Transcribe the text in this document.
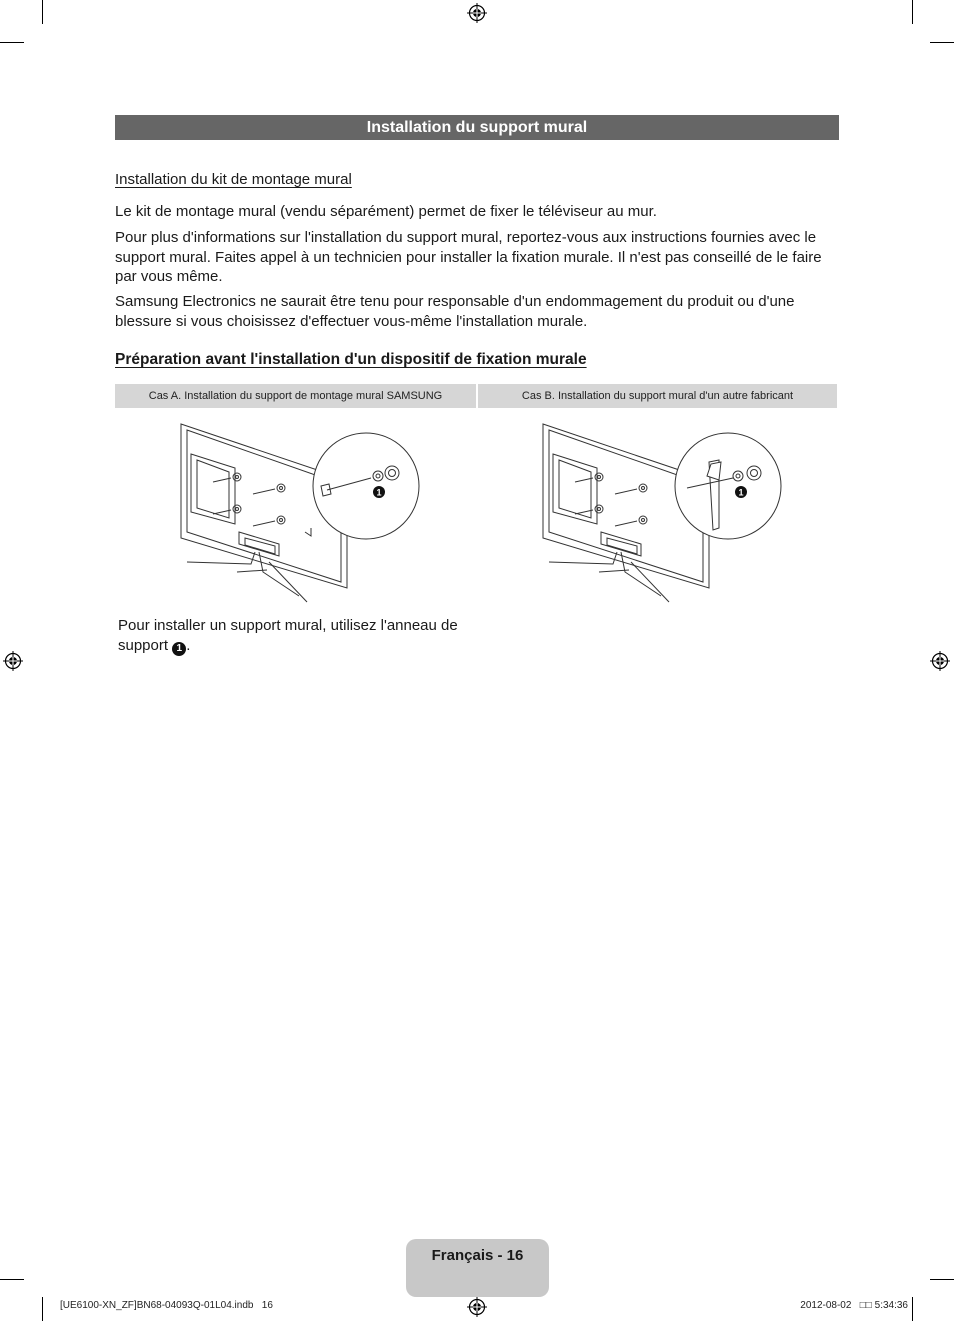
Installation du support mural
Installation du kit de montage mural

Le kit de montage mural (vendu séparément) permet de fixer le téléviseur au mur.

Pour plus d'informations sur l'installation du support mural, reportez-vous aux instructions fournies avec le support mural. Faites appel à un technicien pour installer la fixation murale. Il n'est pas conseillé de le faire par vous même.

Samsung Electronics ne saurait être tenu pour responsable d'un endommagement du produit ou d'une blessure si vous choisissez d'effectuer vous-même l'installation murale.

Préparation avant l'installation d'un dispositif de fixation murale
Cas A. Installation du support de montage mural SAMSUNG	Cas B. Installation du support mural d'un autre fabricant
1	1

Pour installer un support mural, utilisez l'anneau de support 1 .

Français - 16
[UE6100-XN_ZF]BN68-04093Q-01L04.indb   16	2012-08-02   □□ 5:34:36
